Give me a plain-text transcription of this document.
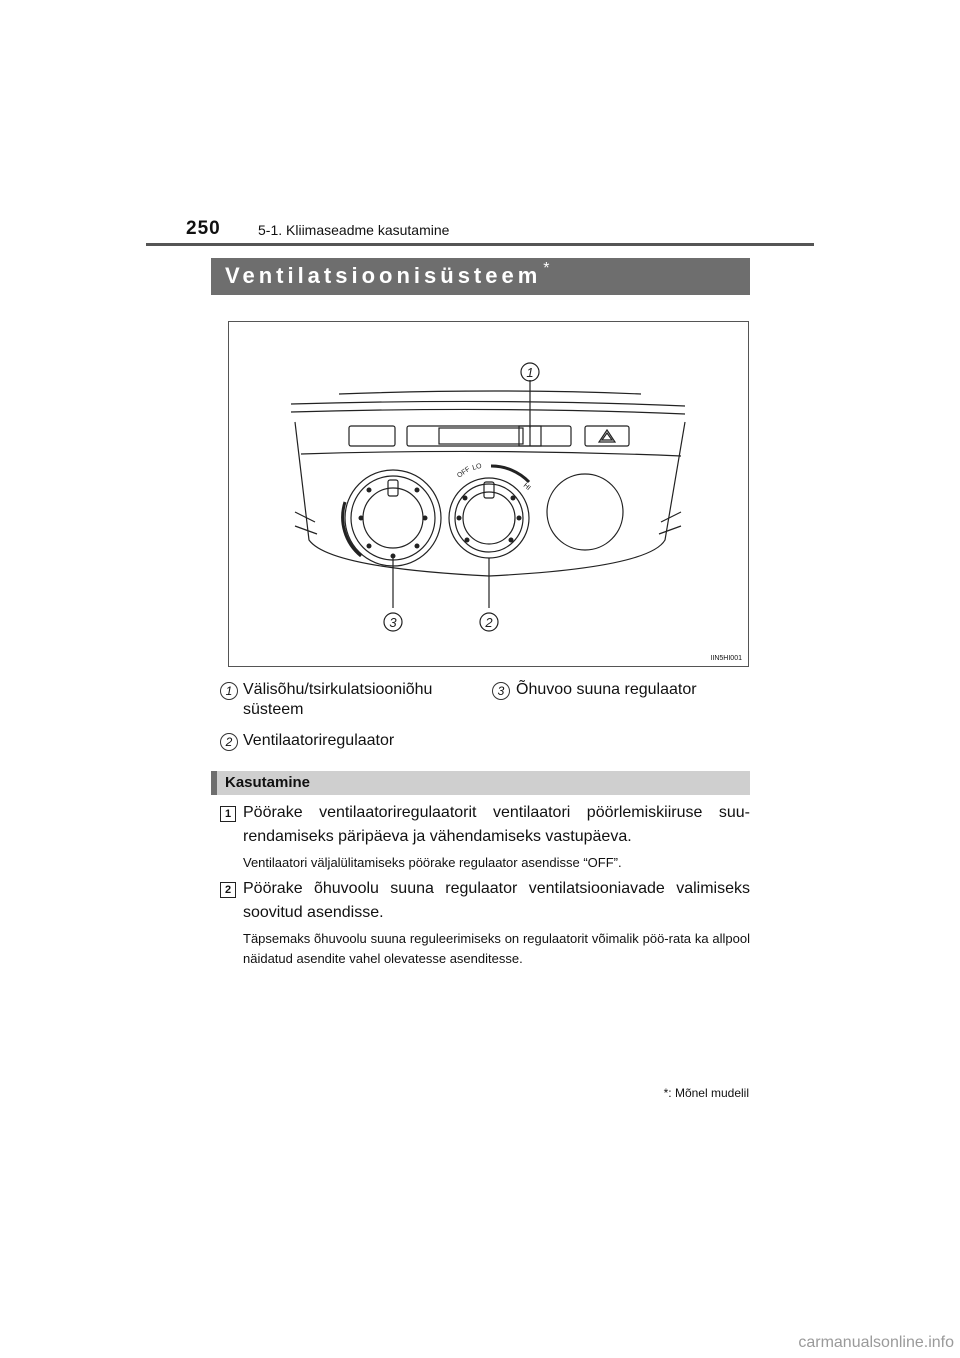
250	5-1. Kliimaseadme kasutamine
Ventilatsioonisüsteem *
1
2
3
OFF LO
HI
IIN5HI001
1 Välisõhu/tsirkulatsiooniõhu
süsteem
2 Ventilaatoriregulaator
3 Õhuvoo suuna regulaator
Kasutamine
1 Pöörake ventilaatoriregulaatorit ventilaatori pöörlemiskiiruse suu-rendamiseks päripäeva ja vähendamiseks vastupäeva.
Ventilaatori väljalülitamiseks pöörake regulaator asendisse “OFF”.
2 Pöörake õhuvoolu suuna regulaator ventilatsiooniavade valimiseks soovitud asendisse.
Täpsemaks õhuvoolu suuna reguleerimiseks on regulaatorit võimalik pöö-rata ka allpool näidatud asendite vahel olevatesse asenditesse.
*: Mõnel mudelil
carmanualsonline.info
